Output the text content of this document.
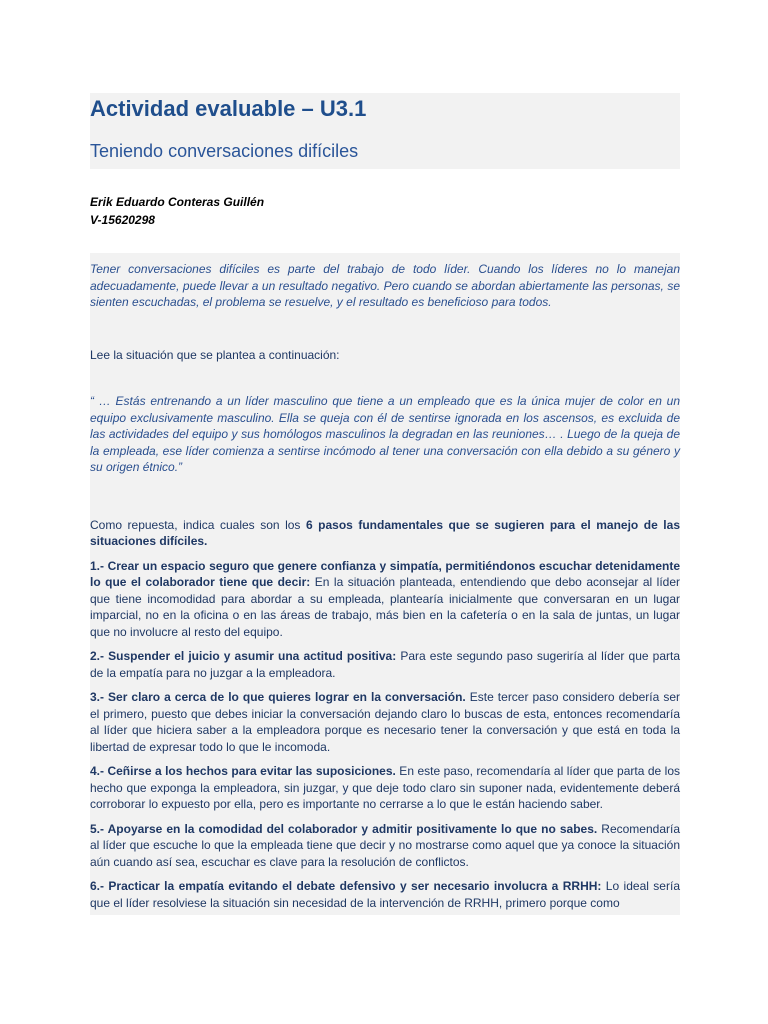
Actividad evaluable – U3.1
Teniendo conversaciones difíciles
Erik Eduardo Conteras Guillén
V-15620298

Tener conversaciones difíciles es parte del trabajo de todo líder. Cuando los líderes no lo manejan adecuadamente, puede llevar a un resultado negativo. Pero cuando se abordan abiertamente las personas, se sienten escuchadas, el problema se resuelve, y el resultado es beneficioso para todos.

Lee la situación que se plantea a continuación:

“ … Estás entrenando a un líder masculino que tiene a un empleado que es la única mujer de color en un equipo exclusivamente masculino. Ella se queja con él de sentirse ignorada en los ascensos, es excluida de las actividades del equipo y sus homólogos masculinos la degradan en las reuniones… . Luego de la queja de la empleada, ese líder comienza a sentirse incómodo al tener una conversación con ella debido a su género y su origen étnico.”

Como repuesta, indica cuales son los 6 pasos fundamentales que se sugieren para el manejo de las situaciones difíciles.

1.- Crear un espacio seguro que genere confianza y simpatía, permitiéndonos escuchar detenidamente lo que el colaborador tiene que decir: En la situación planteada, entendiendo que debo aconsejar al líder que tiene incomodidad para abordar a su empleada, plantearía inicialmente que conversaran en un lugar imparcial, no en la oficina o en las áreas de trabajo, más bien en la cafetería o en la sala de juntas, un lugar que no involucre al resto del equipo.

2.- Suspender el juicio y asumir una actitud positiva: Para este segundo paso sugeriría al líder que parta de la empatía para no juzgar a la empleadora.

3.- Ser claro a cerca de lo que quieres lograr en la conversación. Este tercer paso considero debería ser el primero, puesto que debes iniciar la conversación dejando claro lo buscas de esta, entonces recomendaría al líder que hiciera saber a la empleadora porque es necesario tener la conversación y que está en toda la libertad de expresar todo lo que le incomoda.

4.- Ceñirse a los hechos para evitar las suposiciones. En este paso, recomendaría al líder que parta de los hecho que exponga la empleadora, sin juzgar, y que deje todo claro sin suponer nada, evidentemente deberá corroborar lo expuesto por ella, pero es importante no cerrarse a lo que le están haciendo saber.

5.- Apoyarse en la comodidad del colaborador y admitir positivamente lo que no sabes. Recomendaría al líder que escuche lo que la empleada tiene que decir y no mostrarse como aquel que ya conoce la situación aún cuando así sea, escuchar es clave para la resolución de conflictos.

6.- Practicar la empatía evitando el debate defensivo y ser necesario involucra a RRHH: Lo ideal sería que el líder resolviese la situación sin necesidad de la intervención de RRHH, primero porque como
